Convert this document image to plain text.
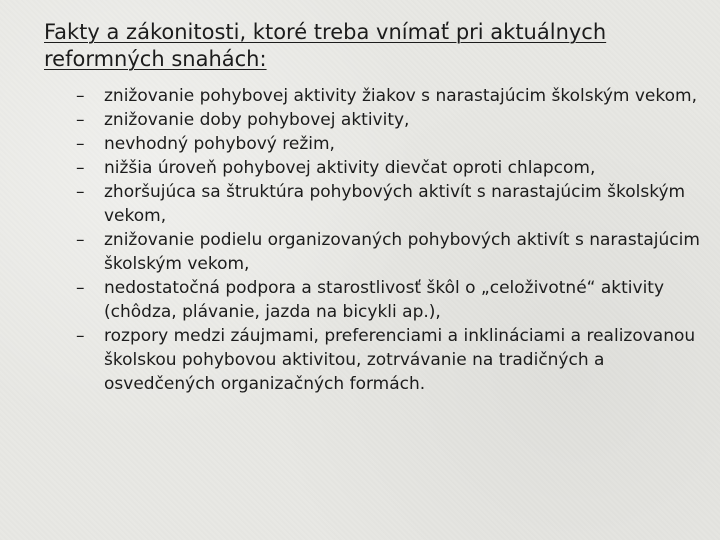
Fakty a zákonitosti, ktoré treba vnímať pri aktuálnych reformných snahách:
–	znižovanie pohybovej aktivity žiakov s narastajúcim školským vekom,
–	znižovanie doby pohybovej aktivity,
–	nevhodný pohybový režim,
–	nižšia úroveň pohybovej aktivity dievčat oproti chlapcom,
–	zhoršujúca sa štruktúra pohybových aktivít s narastajúcim školským vekom,
–	znižovanie podielu organizovaných pohybových aktivít s narastajúcim školským vekom,
–	nedostatočná podpora a starostlivosť škôl o „celoživotné“ aktivity (chôdza, plávanie, jazda na bicykli ap.),
–	rozpory medzi záujmami, preferenciami a inklináciami a realizovanou školskou pohybovou aktivitou, zotrvávanie na tradičných a osvedčených organizačných formách.
